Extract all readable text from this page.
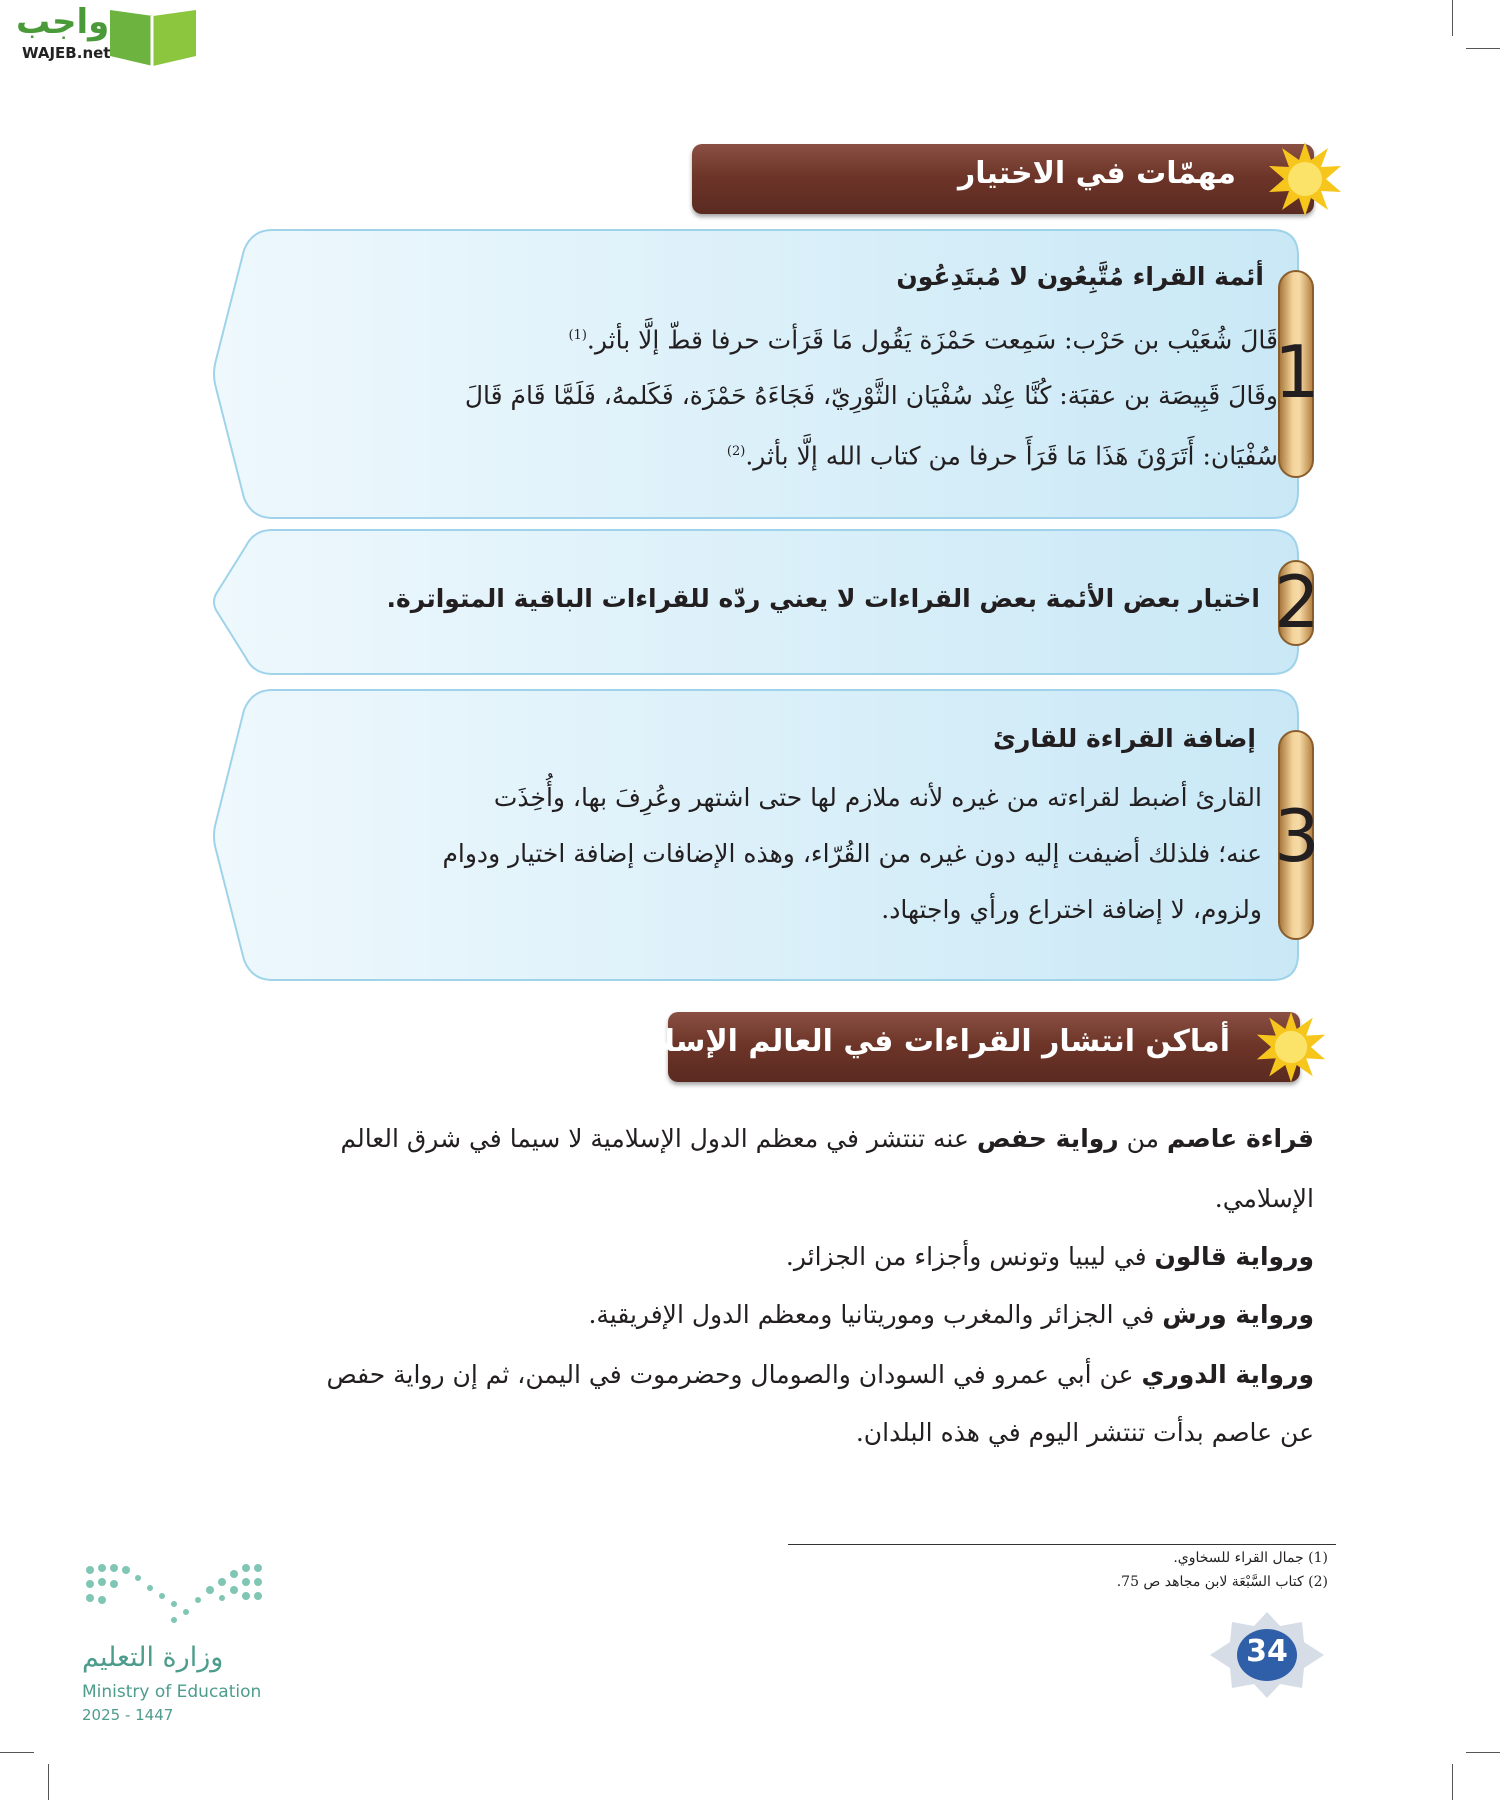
واجب
WAJEB.net
مهمّات في الاختيار
1
أئمة القراء مُتَّبِعُون لا مُبتَدِعُون
قَالَ شُعَيْب بن حَرْب: سَمِعت حَمْزَة يَقُول مَا قَرَأت حرفا قطّ إلَّا بأثر.$^{(1)}$
وقَالَ قَبِيصَة بن عقبَة: كُنَّا عِنْد سُفْيَان الثَّوْرِيّ، فَجَاءَهُ حَمْزَة، فَكَلمهُ، فَلَمَّا قَامَ قَالَ
سُفْيَان: أَتَرَوْنَ هَذَا مَا قَرَأَ حرفا من كتاب الله إلَّا بأثر.$^{(2)}$
2
اختيار بعض الأئمة بعض القراءات لا يعني ردّه للقراءات الباقية المتواترة.
3
إضافة القراءة للقارئ
القارئ أضبط لقراءته من غيره لأنه ملازم لها حتى اشتهر وعُرِفَ بها، وأُخِذَت
عنه؛ فلذلك أضيفت إليه دون غيره من القُرّاء، وهذه الإضافات إضافة اختيار ودوام
ولزوم، لا إضافة اختراع ورأي واجتهاد.
أماكن انتشار القراءات في العالم الإسلامي
قراءة عاصم من رواية حفص عنه تنتشر في معظم الدول الإسلامية لا سيما في شرق العالم
الإسلامي.
ورواية قالون في ليبيا وتونس وأجزاء من الجزائر.
ورواية ورش في الجزائر والمغرب وموريتانيا ومعظم الدول الإفريقية.
ورواية الدوري عن أبي عمرو في السودان والصومال وحضرموت في اليمن، ثم إن رواية حفص
عن عاصم بدأت تنتشر اليوم في هذه البلدان.
(1) جمال القراء للسخاوي.
(2) كتاب السَّبْعَة لابن مجاهد ص 75.
34
وزارة التعليم
Ministry of Education
2025 - 1447
